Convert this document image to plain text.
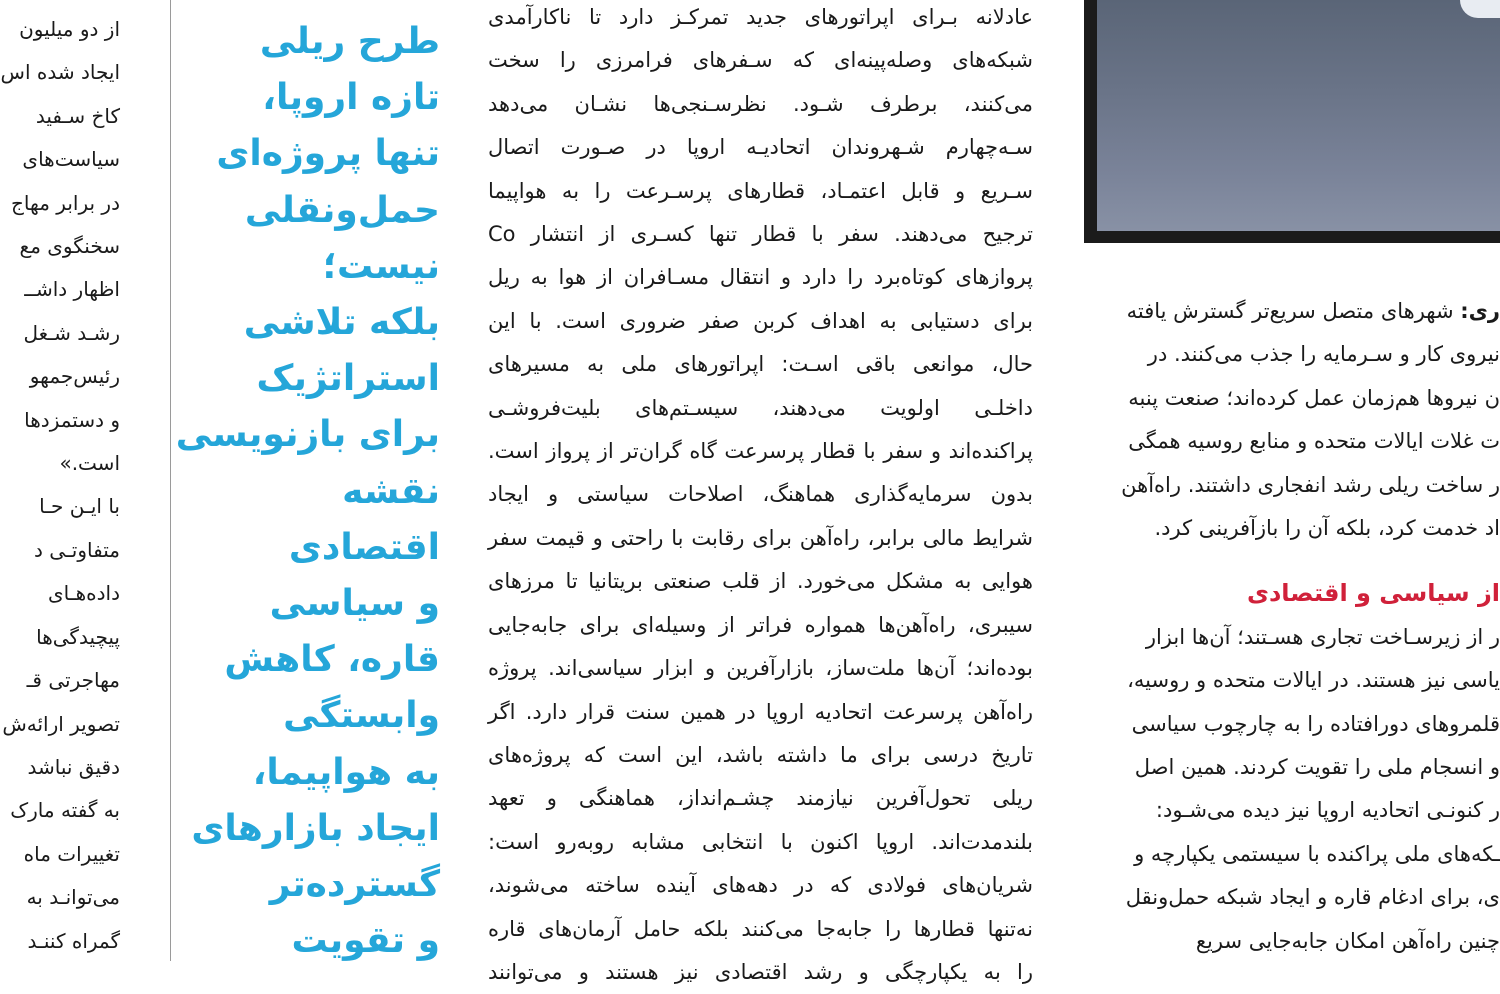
از دو میلیون
ایجاد شده اس
کاخ سـفید
سیاست‌های
در برابر مهاج
سخنگوی مع
اظهار داشــ
رشـد شـغل
رئیس‌جمهو
و دستمزدها
است.»
با ایـن حـا
متفاوتـی د
داده‌هـای
پیچیدگی‌ها
مهاجرتی قـ
تصویر ارائه‌ش
دقیق نباشد
به گفته مارک
تغییرات ماه
می‌توانـد به
گمراه کننـد
طرح ریلی
تازه اروپا،
تنها پروژه‌ای
حمل‌ونقلی
نیست؛
بلکه تلاشی
استراتژیک
برای بازنویسی
نقشه
اقتصادی
و سیاسی
قاره، کاهش
وابستگی
به هواپیما،
ایجاد بازارهای
گسترده‌تر
و تقویت
عادلانه بـرای اپراتورهای جدید تمرکـز دارد تا ناکارآمدی
شبکه‌های وصله‌پینه‌ای که سـفرهای فرامرزی را سخت
می‌کنند، برطرف شـود. نظرسـنجی‌ها نشـان می‌دهد
سـه‌چهارم شـهروندان اتحادیـه اروپا در صـورت اتصال
سـریع و قابل اعتمـاد، قطارهای پرسـرعت را به هواپیما
ترجیح می‌دهند. سفر با قطار تنها کسـری از انتشار Co
پروازهای کوتاه‌برد را دارد و انتقال مسـافران از هوا به ریل
برای دستیابی به اهداف کربن صفر ضروری است. با این
حال، موانعی باقی اسـت: اپراتورهای ملی به مسیرهای
داخلـی اولویت می‌دهند، سیسـتم‌های بلیت‌فروشـی
پراکنده‌اند و سفر با قطار پرسرعت گاه گران‌تر از پرواز است.
بدون سرمایه‌گذاری هماهنگ، اصلاحات سیاستی و ایجاد
شرایط مالی برابر، راه‌آهن برای رقابت با راحتی و قیمت سفر
هوایی به مشکل می‌خورد. از قلب صنعتی بریتانیا تا مرزهای
سیبری، راه‌آهن‌ها همواره فراتر از وسیله‌ای برای جابه‌جایی
بوده‌اند؛ آن‌ها ملت‌ساز، بازارآفرین و ابزار سیاسی‌اند. پروژه
راه‌آهن پرسرعت اتحادیه اروپا در همین سنت قرار دارد. اگر
تاریخ درسی برای ما داشته باشد، این است که پروژه‌های
ریلی تحول‌آفرین نیازمند چشـم‌انداز، هماهنگی و تعهد
بلندمدت‌اند. اروپا اکنون با انتخابی مشابه روبه‌رو است:
شریان‌های فولادی که در دهه‌های آینده ساخته می‌شوند،
نه‌تنها قطارها را جابه‌جا می‌کنند بلکه حامل آرمان‌های قاره
را به یکپارچگی و رشد اقتصادی نیز هستند و می‌توانند
ری: شهرهای متصل سریع‌تر گسترش یافته
نیروی کار و سـرمایه را جذب می‌کنند. در
ن نیروها هم‌زمان عمل کرده‌اند؛ صنعت پنبه
ت غلات ایالات متحده و منابع روسیه همگی
ر ساخت ریلی رشد انفجاری داشتند. راه‌آهن
اد خدمت کرد، بلکه آن را بازآفرینی کرد.
از سیاسی و اقتصادی
ر از زیرسـاخت تجاری هسـتند؛ آن‌ها ابزار
یاسی نیز هستند. در ایالات متحده و روسیه،
قلمروهای دورافتاده را به چارچوب سیاسی
و انسجام ملی را تقویت کردند. همین اصل
ر کنونـی اتحادیه اروپا نیز دیده می‌شـود:
ـکه‌های ملی پراکنده با سیستمی یکپارچه و
ی، برای ادغام قاره و ایجاد شبکه حمل‌ونقل
چنین راه‌آهن امکان جابه‌جایی سریع
